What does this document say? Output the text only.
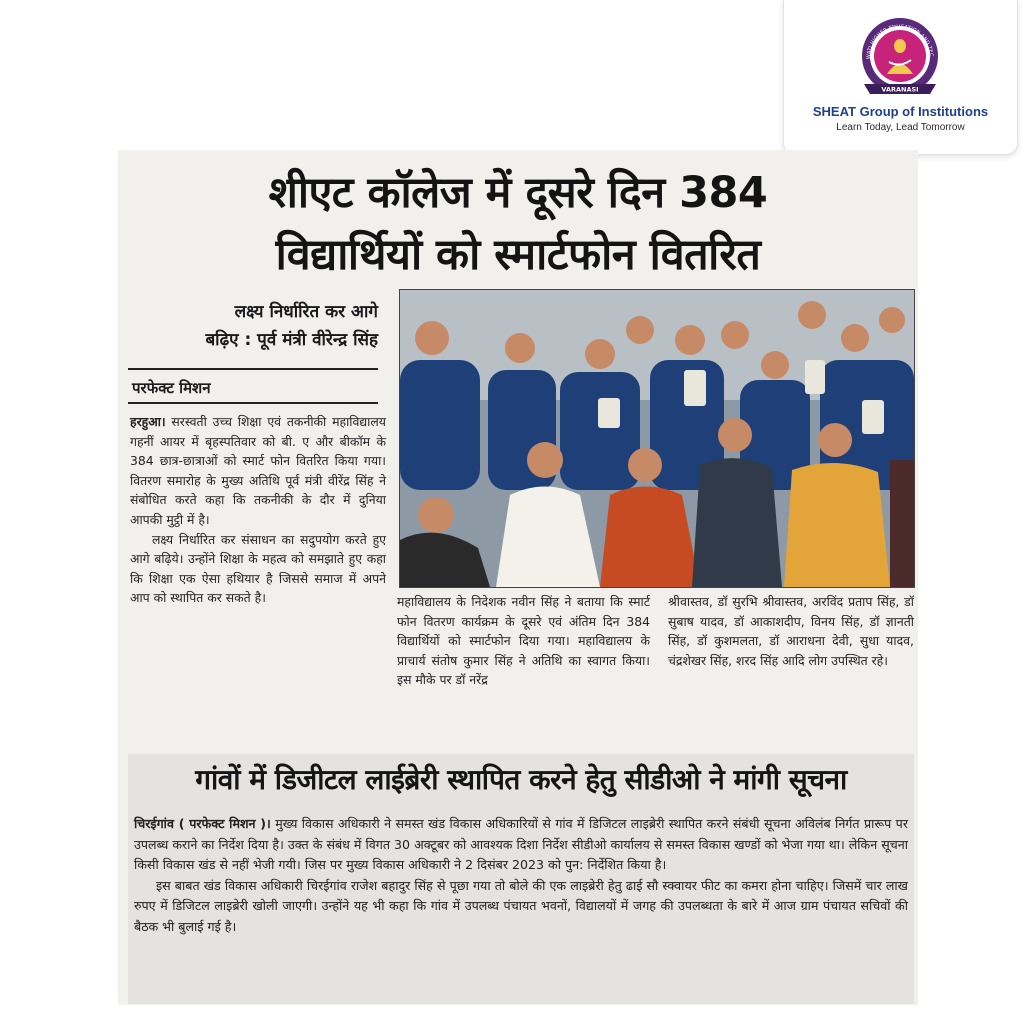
WATI HIGHER EDUCATION AND TEC
VARANASI
SHEAT Group of Institutions
Learn Today, Lead Tomorrow
शीएट कॉलेज में दूसरे दिन 384
विद्यार्थियों को स्मार्टफोन वितरित
लक्ष्य निर्धारित कर आगे
बढ़िए : पूर्व मंत्री वीरेन्द्र सिंह
परफेक्ट मिशन

हरहुआ। सरस्वती उच्च शिक्षा एवं तकनीकी महाविद्यालय गहनीं आयर में बृहस्पतिवार को बी. ए और बीकॉम के 384 छात्र-छात्राओं को स्मार्ट फोन वितरित किया गया। वितरण समारोह के मुख्य अतिथि पूर्व मंत्री वीरेंद्र सिंह ने संबोधित करते कहा कि तकनीकी के दौर में दुनिया आपकी मुट्ठी में है।

लक्ष्य निर्धारित कर संसाधन का सदुपयोग करते हुए आगे बढ़िये। उन्होंने शिक्षा के महत्व को समझाते हुए कहा कि शिक्षा एक ऐसा हथियार है जिससे समाज में अपने आप को स्थापित कर सकते है।	महाविद्यालय के निदेशक नवीन सिंह ने बताया कि स्मार्ट फोन वितरण कार्यक्रम के दूसरे एवं अंतिम दिन 384 विद्यार्थियों को स्मार्टफोन दिया गया। महाविद्यालय के प्राचार्य संतोष कुमार सिंह ने अतिथि का स्वागत किया। इस मौके पर डॉ नरेंद्र
श्रीवास्तव, डॉ सुरभि श्रीवास्तव, अरविंद प्रताप सिंह, डॉ सुबाष यादव, डॉ आकाशदीप, विनय सिंह, डॉ ज्ञानती सिंह, डॉ कुशमलता, डॉ आराधना देवी, सुधा यादव, चंद्रशेखर सिंह, शरद सिंह आदि लोग उपस्थित रहे।
गांवों में डिजीटल लाईब्रेरी स्थापित करने हेतु सीडीओ ने मांगी सूचना

चिरईगांव ( परफेक्ट मिशन )। मुख्य विकास अधिकारी ने समस्त खंड विकास अधिकारियों से गांव में डिजिटल लाइब्रेरी स्थापित करने संबंधी सूचना अविलंब निर्गत प्रारूप पर उपलब्ध कराने का निर्देश दिया है। उक्त के संबंध में विगत 30 अक्टूबर को आवश्यक दिशा निर्देश सीडीओ कार्यालय से समस्त विकास खण्डों को भेजा गया था। लेकिन सूचना किसी विकास खंड से नहीं भेजी गयी। जिस पर मुख्य विकास अधिकारी ने 2 दिसंबर 2023 को पुन: निर्देशित किया है।

इस बाबत खंड विकास अधिकारी चिरईगांव राजेश बहादुर सिंह से पूछा गया तो बोले की एक लाइब्रेरी हेतु ढाई सौ स्क्वायर फीट का कमरा होना चाहिए। जिसमें चार लाख रुपए में डिजिटल लाइब्रेरी खोली जाएगी। उन्होंने यह भी कहा कि गांव में उपलब्ध पंचायत भवनों, विद्यालयों में जगह की उपलब्धता के बारे में आज ग्राम पंचायत सचिवों की बैठक भी बुलाई गई है।
